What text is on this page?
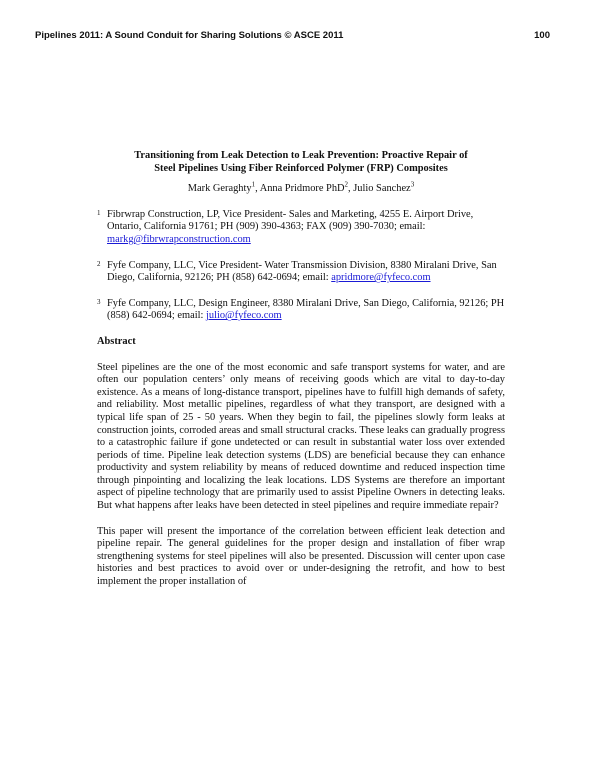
Pipelines 2011: A Sound Conduit for Sharing Solutions © ASCE 2011	100
Transitioning from Leak Detection to Leak Prevention: Proactive Repair of
Steel Pipelines Using Fiber Reinforced Polymer (FRP) Composites
Mark Geraghty$^1$, Anna Pridmore PhD$^2$, Julio Sanchez$^3$
1 Fibrwrap Construction, LP, Vice President- Sales and Marketing, 4255 E. Airport Drive, Ontario, California 91761; PH (909) 390-4363; FAX (909) 390-7030; email: markg@fibrwrapconstruction.com
2 Fyfe Company, LLC, Vice President- Water Transmission Division, 8380 Miralani Drive, San Diego, California, 92126; PH (858) 642-0694; email: apridmore@fyfeco.com
3 Fyfe Company, LLC, Design Engineer, 8380 Miralani Drive, San Diego, California, 92126; PH (858) 642-0694; email: julio@fyfeco.com
Abstract

Steel pipelines are the one of the most economic and safe transport systems for water, and are often our population centers’ only means of receiving goods which are vital to day-to-day existence. As a means of long-distance transport, pipelines have to fulfill high demands of safety, and reliability. Most metallic pipelines, regardless of what they transport, are designed with a typical life span of 25 - 50 years. When they begin to fail, the pipelines slowly form leaks at construction joints, corroded areas and small structural cracks. These leaks can gradually progress to a catastrophic failure if gone undetected or can result in substantial water loss over extended periods of time. Pipeline leak detection systems (LDS) are beneficial because they can enhance productivity and system reliability by means of reduced downtime and reduced inspection time through pinpointing and localizing the leak locations. LDS Systems are therefore an important aspect of pipeline technology that are primarily used to assist Pipeline Owners in detecting leaks. But what happens after leaks have been detected in steel pipelines and require immediate repair?

This paper will present the importance of the correlation between efficient leak detection and pipeline repair. The general guidelines for the proper design and installation of fiber wrap strengthening systems for steel pipelines will also be presented. Discussion will center upon case histories and best practices to avoid over or under-designing the retrofit, and how to best implement the proper installation of
